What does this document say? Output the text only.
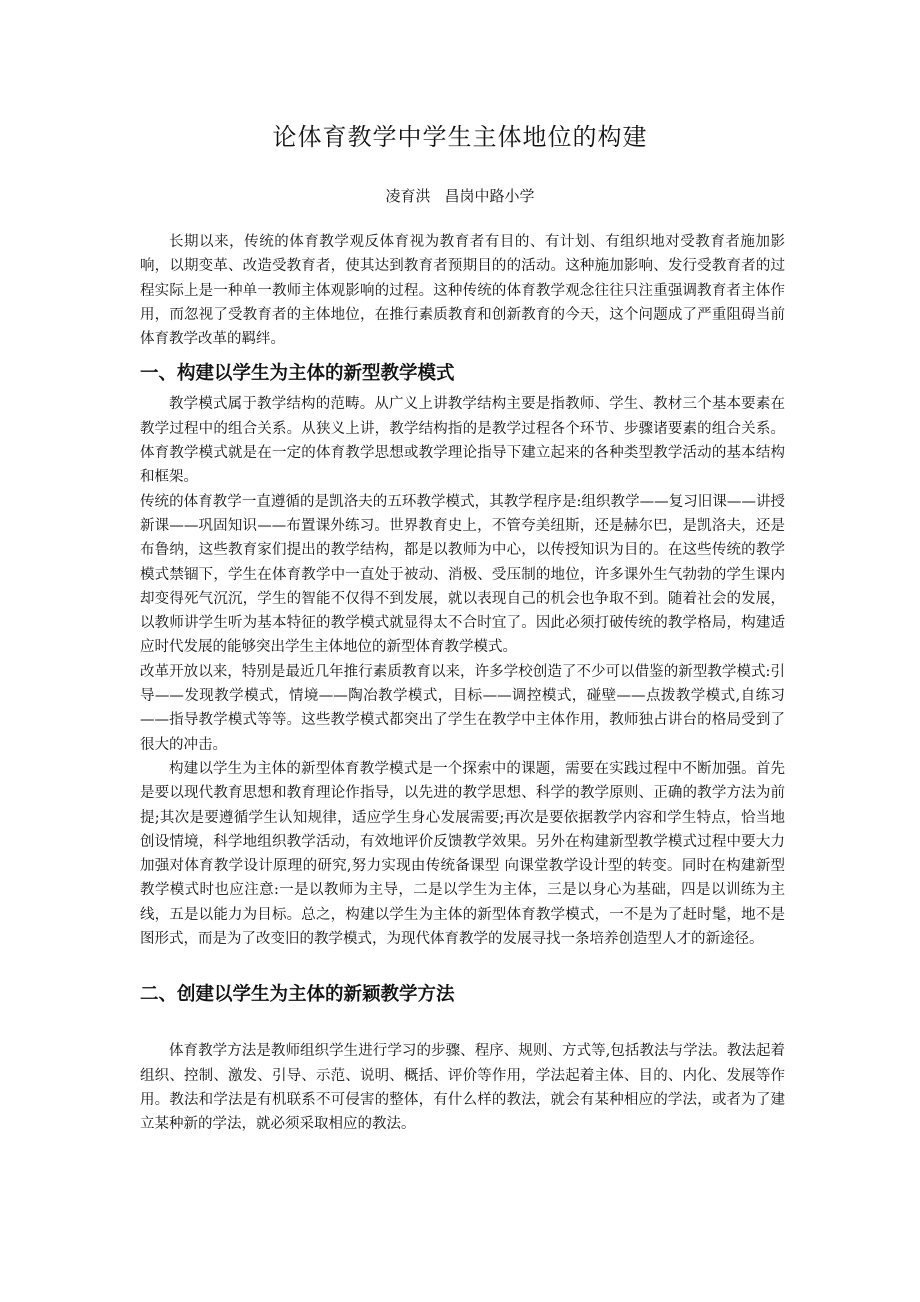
论体育教学中学生主体地位的构建
凌育洪 昌岗中路小学

长期以来，传统的体育教学观反体育视为教育者有目的、有计划、有组织地对受教育者施加影响，以期变革、改造受教育者，使其达到教育者预期目的的活动。这种施加影响、发行受教育者的过程实际上是一种单一教师主体观影响的过程。这种传统的体育教学观念往往只注重强调教育者主体作用，而忽视了受教育者的主体地位，在推行素质教育和创新教育的今天，这个问题成了严重阻碍当前体育教学改革的羁绊。

一、构建以学生为主体的新型教学模式

教学模式属于教学结构的范畴。从广义上讲教学结构主要是指教师、学生、教材三个基本要素在教学过程中的组合关系。从狭义上讲，教学结构指的是教学过程各个环节、步骤诸要素的组合关系。体育教学模式就是在一定的体育教学思想或教学理论指导下建立起来的各种类型教学活动的基本结构和框架。

传统的体育教学一直遵循的是凯洛夫的五环教学模式，其教学程序是:组织教学——复习旧课——讲授新课——巩固知识——布置课外练习。世界教育史上，不管夸美纽斯，还是赫尔巴，是凯洛夫，还是布鲁纳，这些教育家们提出的教学结构，都是以教师为中心，以传授知识为目的。在这些传统的教学模式禁锢下，学生在体育教学中一直处于被动、消极、受压制的地位，许多课外生气勃勃的学生课内却变得死气沉沉，学生的智能不仅得不到发展，就以表现自己的机会也争取不到。随着社会的发展，以教师讲学生听为基本特征的教学模式就显得太不合时宜了。因此必须打破传统的教学格局，构建适应时代发展的能够突出学生主体地位的新型体育教学模式。

改革开放以来，特别是最近几年推行素质教育以来，许多学校创造了不少可以借鉴的新型教学模式:引导——发现教学模式，情境——陶冶教学模式，目标——调控模式，碰壁——点拨教学模式,自练习——指导教学模式等等。这些教学模式都突出了学生在教学中主体作用，教师独占讲台的格局受到了很大的冲击。

构建以学生为主体的新型体育教学模式是一个探索中的课题，需要在实践过程中不断加强。首先是要以现代教育思想和教育理论作指导，以先进的教学思想、科学的教学原则、正确的教学方法为前提;其次是要遵循学生认知规律，适应学生身心发展需要;再次是要依据教学内容和学生特点，恰当地创设情境，科学地组织教学活动，有效地评价反馈教学效果。另外在构建新型教学模式过程中要大力加强对体育教学设计原理的研究,努力实现由传统备课型 向课堂教学设计型的转变。同时在构建新型教学模式时也应注意:一是以教师为主导，二是以学生为主体，三是以身心为基础，四是以训练为主线，五是以能力为目标。总之，构建以学生为主体的新型体育教学模式，一不是为了赶时髦，地不是图形式，而是为了改变旧的教学模式，为现代体育教学的发展寻找一条培养创造型人才的新途径。

二、创建以学生为主体的新颖教学方法

体育教学方法是教师组织学生进行学习的步骤、程序、规则、方式等,包括教法与学法。教法起着组织、控制、激发、引导、示范、说明、概括、评价等作用，学法起着主体、目的、内化、发展等作用。教法和学法是有机联系不可侵害的整体，有什么样的教法，就会有某种相应的学法，或者为了建立某种新的学法，就必须采取相应的教法。
